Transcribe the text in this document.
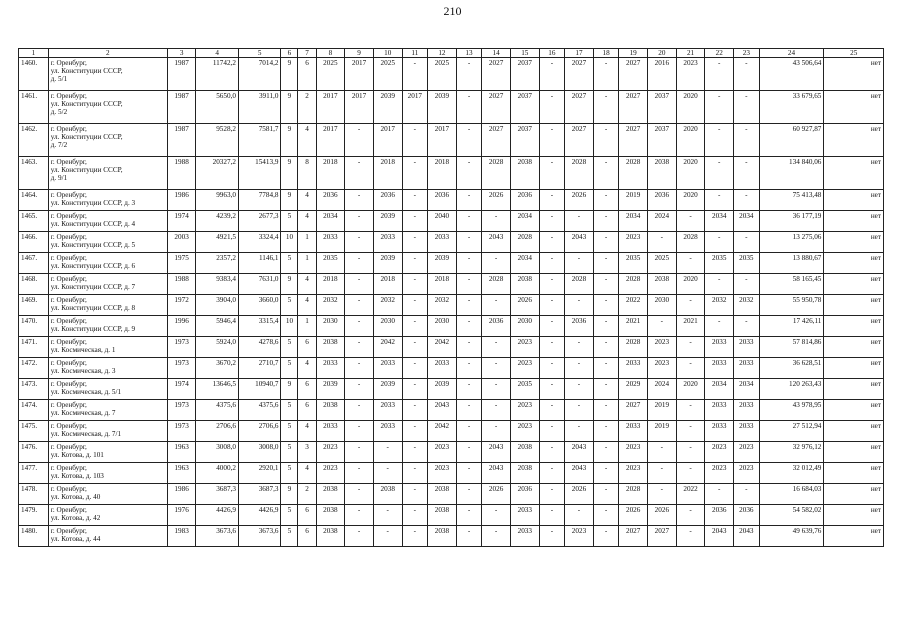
210
1	2	3	4	5	6	7	8	9	10	11	12	13	14	15	16	17	18	19	20	21	22	23	24	25
1460.	г. Оренбург,
ул. Конституции СССР,
д. 5/1	1987	11742,2	7014,2	9	6	2025	2017	2025	-	2025	-	2027	2037	-	2027	-	2027	2016	2023	-	-	43 506,64	нет
1461.	г. Оренбург,
ул. Конституции СССР,
д. 5/2	1987	5650,0	3911,0	9	2	2017	2017	2039	2017	2039	-	2027	2037	-	2027	-	2027	2037	2020	-	-	33 679,65	нет
1462.	г. Оренбург,
ул. Конституции СССР,
д. 7/2	1987	9528,2	7581,7	9	4	2017	-	2017	-	2017	-	2027	2037	-	2027	-	2027	2037	2020	-	-	60 927,87	нет
1463.	г. Оренбург,
ул. Конституции СССР,
д. 9/1	1988	20327,2	15413,9	9	8	2018	-	2018	-	2018	-	2028	2038	-	2028	-	2028	2038	2020	-	-	134 840,06	нет
1464.	г. Оренбург,
ул. Конституции СССР, д. 3	1986	9963,0	7784,8	9	4	2036	-	2036	-	2036	-	2026	2036	-	2026	-	2019	2036	2020	-	-	75 413,48	нет
1465.	г. Оренбург,
ул. Конституции СССР, д. 4	1974	4239,2	2677,3	5	4	2034	-	2039	-	2040	-	-	2034	-	-	-	2034	2024	-	2034	2034	36 177,19	нет
1466.	г. Оренбург,
ул. Конституции СССР, д. 5	2003	4921,5	3324,4	10	1	2033	-	2033	-	2033	-	2043	2028	-	2043	-	2023	-	2028	-	-	13 275,06	нет
1467.	г. Оренбург,
ул. Конституции СССР, д. 6	1975	2357,2	1146,1	5	1	2035	-	2039	-	2039	-	-	2034	-	-	-	2035	2025	-	2035	2035	13 880,67	нет
1468.	г. Оренбург,
ул. Конституции СССР, д. 7	1988	9383,4	7631,0	9	4	2018	-	2018	-	2018	-	2028	2038	-	2028	-	2028	2038	2020	-	-	58 165,45	нет
1469.	г. Оренбург,
ул. Конституции СССР, д. 8	1972	3904,0	3660,0	5	4	2032	-	2032	-	2032	-	-	2026	-	-	-	2022	2030	-	2032	2032	55 950,78	нет
1470.	г. Оренбург,
ул. Конституции СССР, д. 9	1996	5946,4	3315,4	10	1	2030	-	2030	-	2030	-	2036	2030	-	2036	-	2021	-	2021	-	-	17 426,11	нет
1471.	г. Оренбург,
ул. Космическая, д. 1	1973	5924,0	4278,6	5	6	2038	-	2042	-	2042	-	-	2023	-	-	-	2028	2023	-	2033	2033	57 814,86	нет
1472.	г. Оренбург,
ул. Космическая, д. 3	1973	3670,2	2710,7	5	4	2033	-	2033	-	2033	-	-	2023	-	-	-	2033	2023	-	2033	2033	36 628,51	нет
1473.	г. Оренбург,
ул. Космическая, д. 5/1	1974	13646,5	10940,7	9	6	2039	-	2039	-	2039	-	-	2035	-	-	-	2029	2024	2020	2034	2034	120 263,43	нет
1474.	г. Оренбург,
ул. Космическая, д. 7	1973	4375,6	4375,6	5	6	2038	-	2033	-	2043	-	-	2023	-	-	-	2027	2019	-	2033	2033	43 978,95	нет
1475.	г. Оренбург,
ул. Космическая, д. 7/1	1973	2706,6	2706,6	5	4	2033	-	2033	-	2042	-	-	2023	-	-	-	2033	2019	-	2033	2033	27 512,94	нет
1476.	г. Оренбург,
ул. Котова, д. 101	1963	3008,0	3008,0	5	3	2023	-	-	-	2023	-	2043	2038	-	2043	-	2023	-	-	2023	2023	32 976,12	нет
1477.	г. Оренбург,
ул. Котова, д. 103	1963	4000,2	2920,1	5	4	2023	-	-	-	2023	-	2043	2038	-	2043	-	2023	-	-	2023	2023	32 012,49	нет
1478.	г. Оренбург,
ул. Котова, д. 40	1986	3687,3	3687,3	9	2	2038	-	2038	-	2038	-	2026	2036	-	2026	-	2028	-	2022	-	-	16 684,03	нет
1479.	г. Оренбург,
ул. Котова, д. 42	1976	4426,9	4426,9	5	6	2038	-	-	-	2038	-	-	2033	-	-	-	2026	2026	-	2036	2036	54 582,02	нет
1480.	г. Оренбург,
ул. Котова, д. 44	1983	3673,6	3673,6	5	6	2038	-	-	-	2038	-	-	2033	-	2023	-	2027	2027	-	2043	2043	49 639,76	нет
